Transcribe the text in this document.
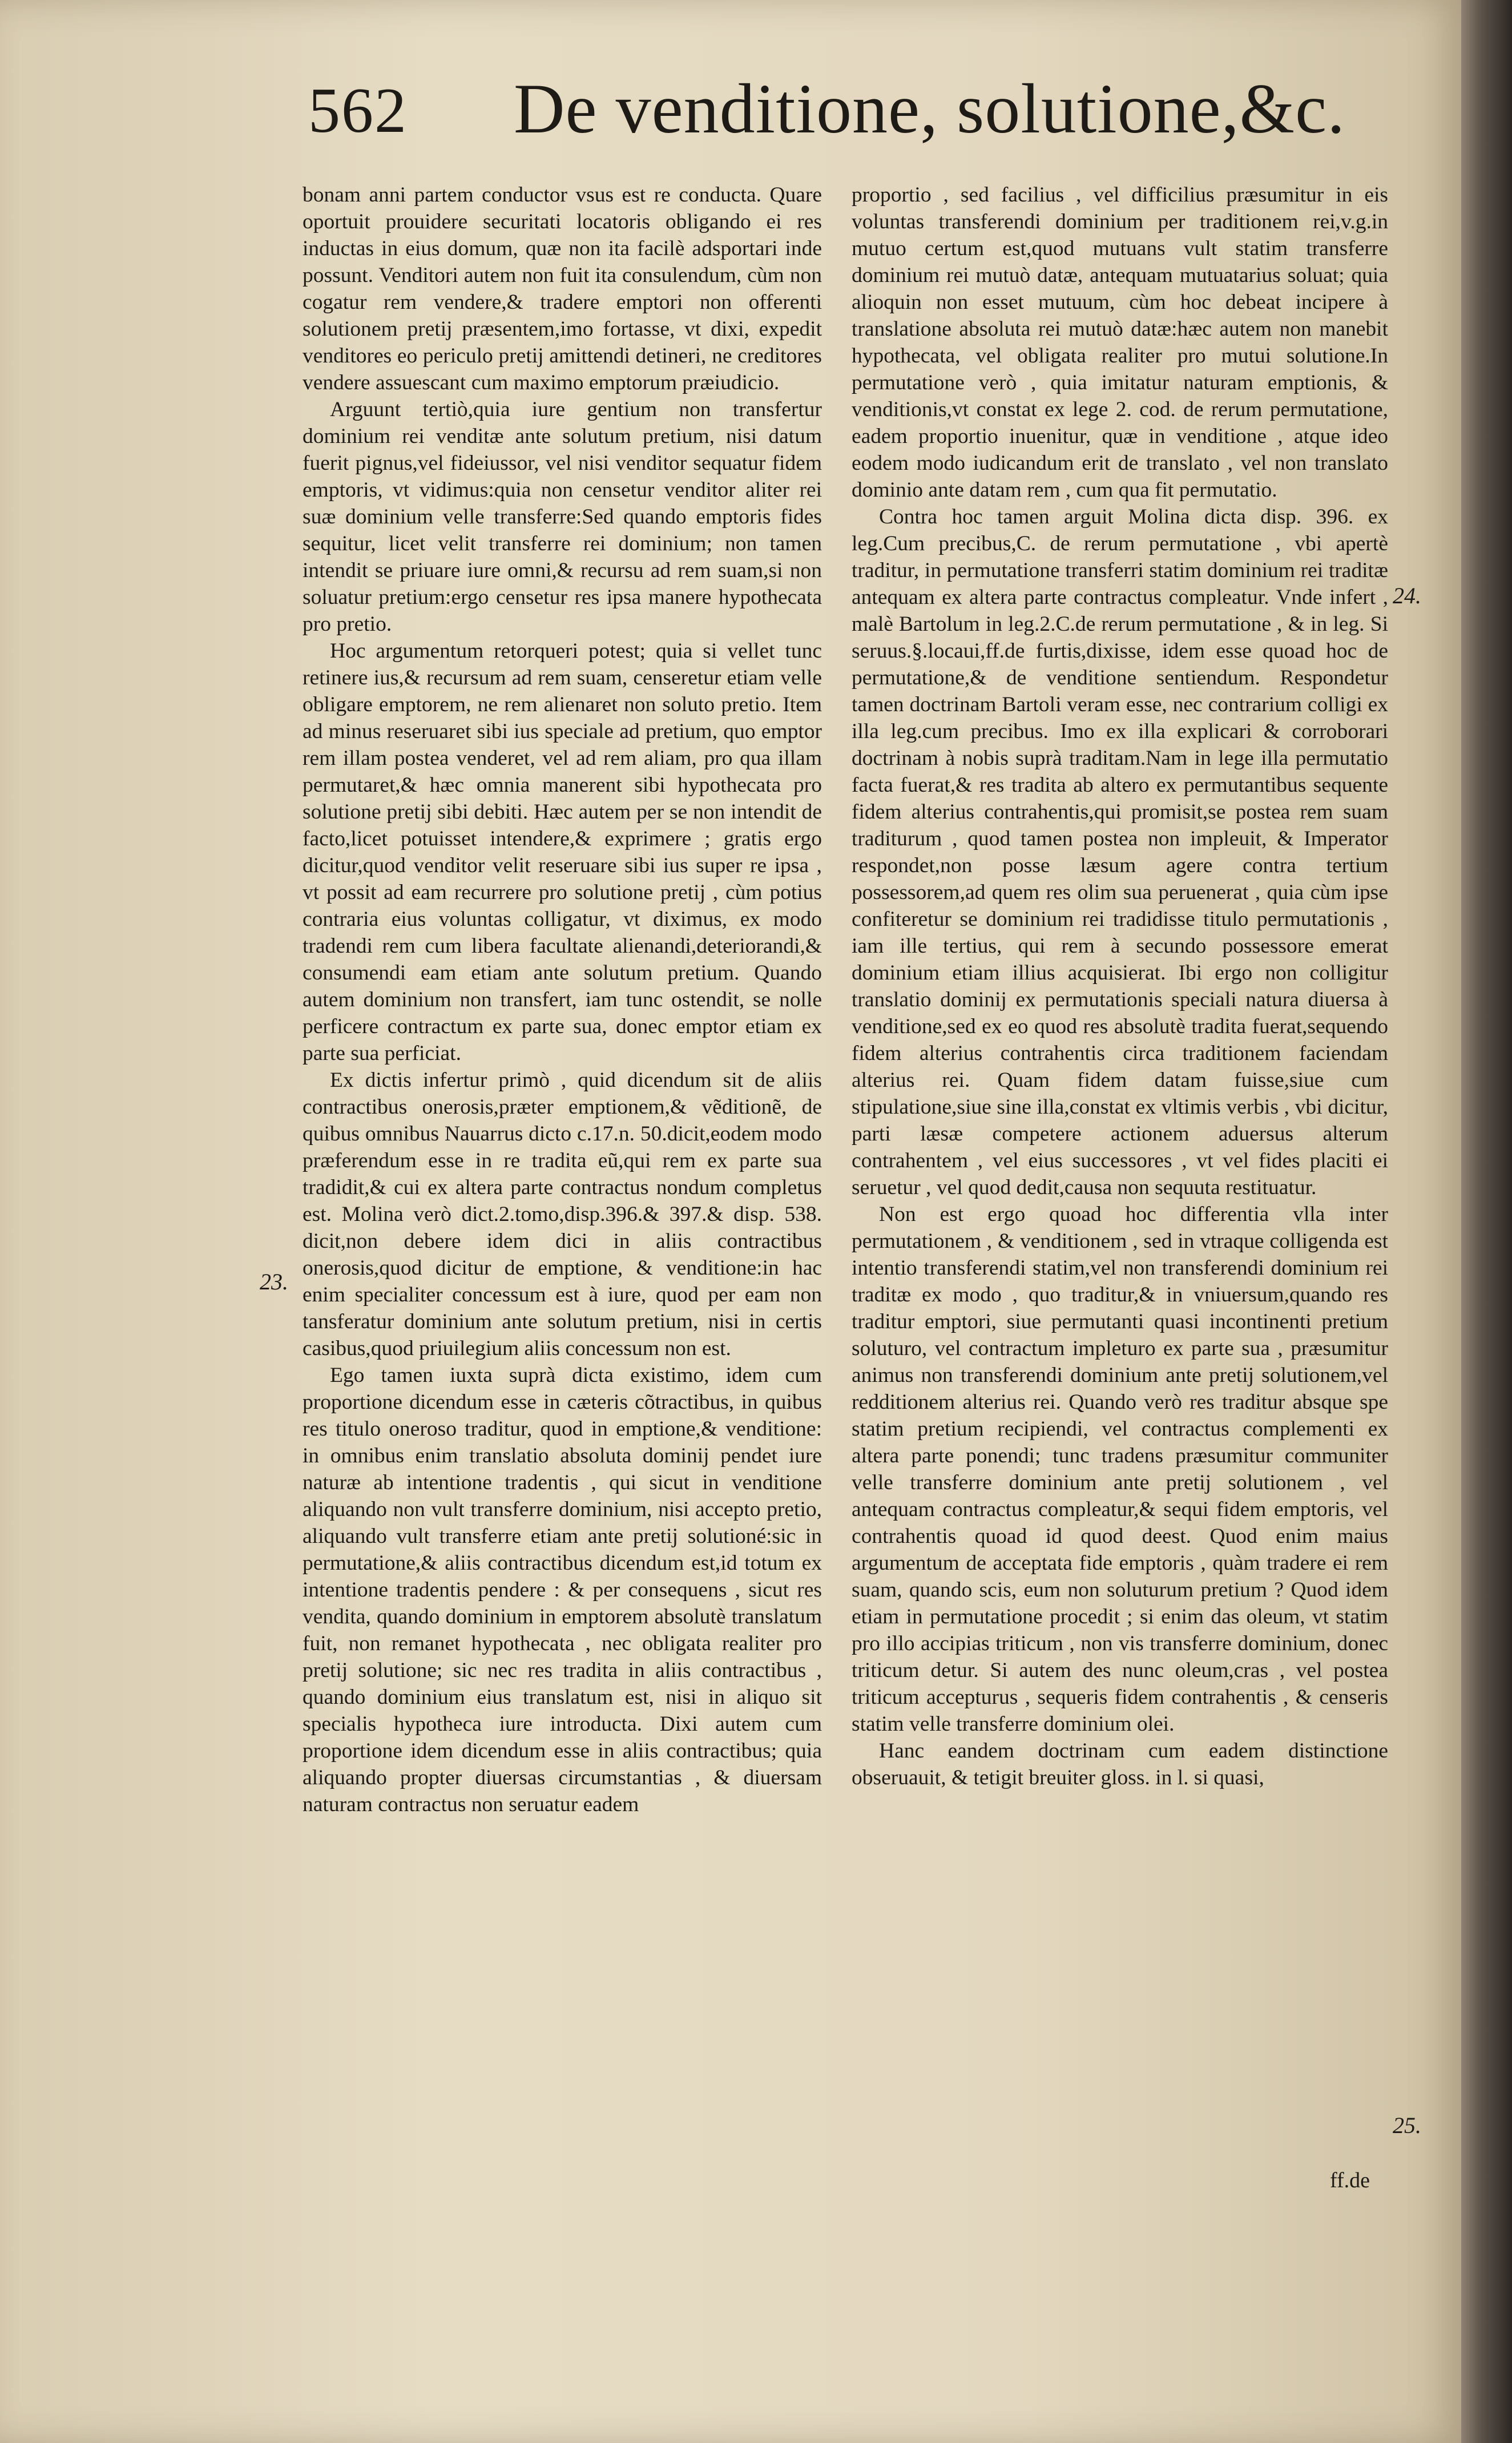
562 De venditione, solutione,&c.

bonam anni partem conductor vsus est re conducta. Quare oportuit prouidere securitati locatoris obligando ei res inductas in eius domum, quæ non ita facilè adsportari inde possunt. Venditori autem non fuit ita consulendum, cùm non cogatur rem vendere,& tradere emptori non offerenti solutionem pretij præsentem,imo fortasse, vt dixi, expedit venditores eo periculo pretij amittendi detineri, ne creditores vendere assuescant cum maximo emptorum præiudicio.

Arguunt tertiò,quia iure gentium non transfertur dominium rei venditæ ante solutum pretium, nisi datum fuerit pignus,vel fideiussor, vel nisi venditor sequatur fidem emptoris, vt vidimus:quia non censetur venditor aliter rei suæ dominium velle transferre:Sed quando emptoris fides sequitur, licet velit transferre rei dominium; non tamen intendit se priuare iure omni,& recursu ad rem suam,si non soluatur pretium:ergo censetur res ipsa manere hypothecata pro pretio.

Hoc argumentum retorqueri potest; quia si vellet tunc retinere ius,& recursum ad rem suam, censeretur etiam velle obligare emptorem, ne rem alienaret non soluto pretio. Item ad minus reseruaret sibi ius speciale ad pretium, quo emptor rem illam postea venderet, vel ad rem aliam, pro qua illam permutaret,& hæc omnia manerent sibi hypothecata pro solutione pretij sibi debiti. Hæc autem per se non intendit de facto,licet potuisset intendere,& exprimere ; gratis ergo dicitur,quod venditor velit reseruare sibi ius super re ipsa , vt possit ad eam recurrere pro solutione pretij , cùm potius contraria eius voluntas colligatur, vt diximus, ex modo tradendi rem cum libera facultate alienandi,deteriorandi,& consumendi eam etiam ante solutum pretium. Quando autem dominium non transfert, iam tunc ostendit, se nolle perficere contractum ex parte sua, donec emptor etiam ex parte sua perficiat.

Ex dictis infertur primò , quid dicendum sit de aliis contractibus onerosis,præter emptionem,& vẽditionẽ, de quibus omnibus Nauarrus dicto c.17.n. 50.dicit,eodem modo præferendum esse in re tradita eũ,qui rem ex parte sua tradidit,& cui ex altera parte contractus nondum completus est. Molina verò dict.2.tomo,disp.396.& 397.& disp. 538. dicit,non debere idem dici in aliis contractibus onerosis,quod dicitur de emptione, & venditione:in hac enim specialiter concessum est à iure, quod per eam non tansferatur dominium ante solutum pretium, nisi in certis casibus,quod priuilegium aliis concessum non est.

Ego tamen iuxta suprà dicta existimo, idem cum proportione dicendum esse in cæteris cõtractibus, in quibus res titulo oneroso traditur, quod in emptione,& venditione: in omnibus enim translatio absoluta dominij pendet iure naturæ ab intentione tradentis , qui sicut in venditione aliquando non vult transferre dominium, nisi accepto pretio, aliquando vult transferre etiam ante pretij solutioné:sic in permutatione,& aliis contractibus dicendum est,id totum ex intentione tradentis pendere : & per consequens , sicut res vendita, quando dominium in emptorem absolutè translatum fuit, non remanet hypothecata , nec obligata realiter pro pretij solutione; sic nec res tradita in aliis contractibus , quando dominium eius translatum est, nisi in aliquo sit specialis hypotheca iure introducta. Dixi autem cum proportione idem dicendum esse in aliis contractibus; quia aliquando propter diuersas circumstantias , & diuersam naturam contractus non seruatur eadem

proportio , sed facilius , vel difficilius præsumitur in eis voluntas transferendi dominium per traditionem rei,v.g.in mutuo certum est,quod mutuans vult statim transferre dominium rei mutuò datæ, antequam mutuatarius soluat; quia alioquin non esset mutuum, cùm hoc debeat incipere à translatione absoluta rei mutuò datæ:hæc autem non manebit hypothecata, vel obligata realiter pro mutui solutione.In permutatione verò , quia imitatur naturam emptionis, & venditionis,vt constat ex lege 2. cod. de rerum permutatione, eadem proportio inuenitur, quæ in venditione , atque ideo eodem modo iudicandum erit de translato , vel non translato dominio ante datam rem , cum qua fit permutatio.

Contra hoc tamen arguit Molina dicta disp. 396. ex leg.Cum precibus,C. de rerum permutatione , vbi apertè traditur, in permutatione transferri statim dominium rei traditæ antequam ex altera parte contractus compleatur. Vnde infert , malè Bartolum in leg.2.C.de rerum permutatione , & in leg. Si seruus.§.locaui,ff.de furtis,dixisse, idem esse quoad hoc de permutatione,& de venditione sentiendum. Respondetur tamen doctrinam Bartoli veram esse, nec contrarium colligi ex illa leg.cum precibus. Imo ex illa explicari & corroborari doctrinam à nobis suprà traditam.Nam in lege illa permutatio facta fuerat,& res tradita ab altero ex permutantibus sequente fidem alterius contrahentis,qui promisit,se postea rem suam traditurum , quod tamen postea non impleuit, & Imperator respondet,non posse læsum agere contra tertium possessorem,ad quem res olim sua peruenerat , quia cùm ipse confiteretur se dominium rei tradidisse titulo permutationis , iam ille tertius, qui rem à secundo possessore emerat dominium etiam illius acquisierat. Ibi ergo non colligitur translatio dominij ex permutationis speciali natura diuersa à venditione,sed ex eo quod res absolutè tradita fuerat,sequendo fidem alterius contrahentis circa traditionem faciendam alterius rei. Quam fidem datam fuisse,siue cum stipulatione,siue sine illa,constat ex vltimis verbis , vbi dicitur, parti læsæ competere actionem aduersus alterum contrahentem , vel eius successores , vt vel fides placiti ei seruetur , vel quod dedit,causa non sequuta restituatur.

Non est ergo quoad hoc differentia vlla inter permutationem , & venditionem , sed in vtraque colligenda est intentio transferendi statim,vel non transferendi dominium rei traditæ ex modo , quo traditur,& in vniuersum,quando res traditur emptori, siue permutanti quasi incontinenti pretium soluturo, vel contractum impleturo ex parte sua , præsumitur animus non transferendi dominium ante pretij solutionem,vel redditionem alterius rei. Quando verò res traditur absque spe statim pretium recipiendi, vel contractus complementi ex altera parte ponendi; tunc tradens præsumitur communiter velle transferre dominium ante pretij solutionem , vel antequam contractus compleatur,& sequi fidem emptoris, vel contrahentis quoad id quod deest. Quod enim maius argumentum de acceptata fide emptoris , quàm tradere ei rem suam, quando scis, eum non soluturum pretium ? Quod idem etiam in permutatione procedit ; si enim das oleum, vt statim pro illo accipias triticum , non vis transferre dominium, donec triticum detur. Si autem des nunc oleum,cras , vel postea triticum accepturus , sequeris fidem contrahentis , & censeris statim velle transferre dominium olei.

Hanc eandem doctrinam cum eadem distinctione obseruauit, & tetigit breuiter gloss. in l. si quasi,

23.
24.
25.
ff.de
